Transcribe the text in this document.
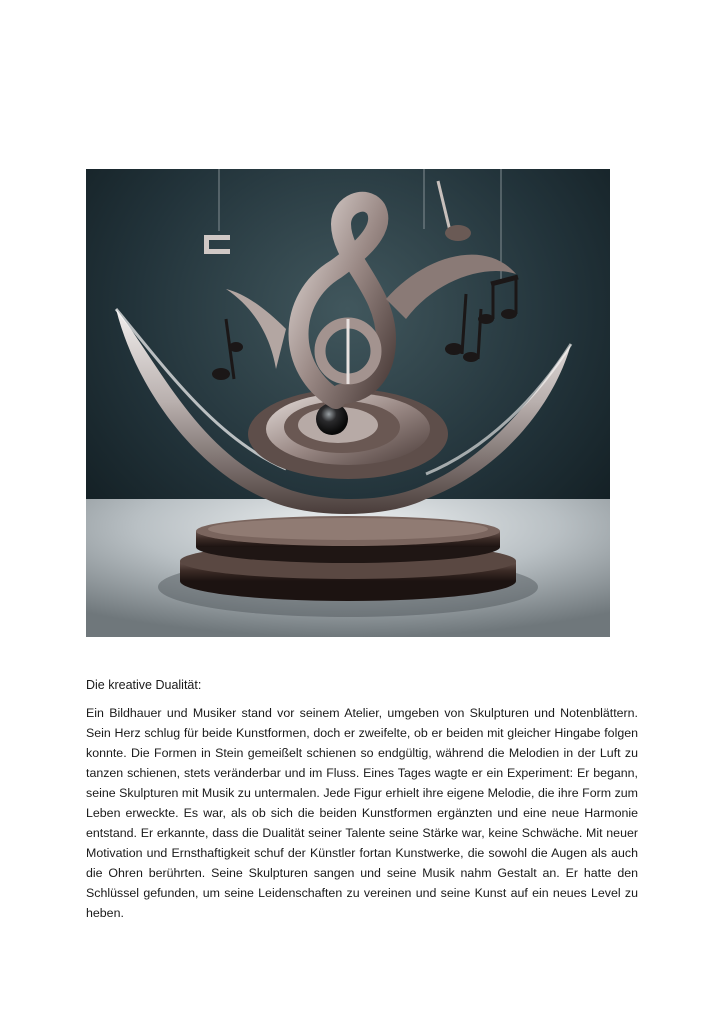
Die kreative Dualität:

Ein Bildhauer und Musiker stand vor seinem Atelier, umgeben von Skulpturen und Notenblättern. Sein Herz schlug für beide Kunstformen, doch er zweifelte, ob er beiden mit gleicher Hingabe folgen konnte. Die Formen in Stein gemeißelt schienen so endgültig, während die Melodien in der Luft zu tanzen schienen, stets veränderbar und im Fluss. Eines Tages wagte er ein Experiment: Er begann, seine Skulpturen mit Musik zu untermalen. Jede Figur erhielt ihre eigene Melodie, die ihre Form zum Leben erweckte. Es war, als ob sich die beiden Kunstformen ergänzten und eine neue Harmonie entstand. Er erkannte, dass die Dualität seiner Talente seine Stärke war, keine Schwäche. Mit neuer Motivation und Ernsthaftigkeit schuf der Künstler fortan Kunstwerke, die sowohl die Augen als auch die Ohren berührten. Seine Skulpturen sangen und seine Musik nahm Gestalt an. Er hatte den Schlüssel gefunden, um seine Leidenschaften zu vereinen und seine Kunst auf ein neues Level zu heben.
